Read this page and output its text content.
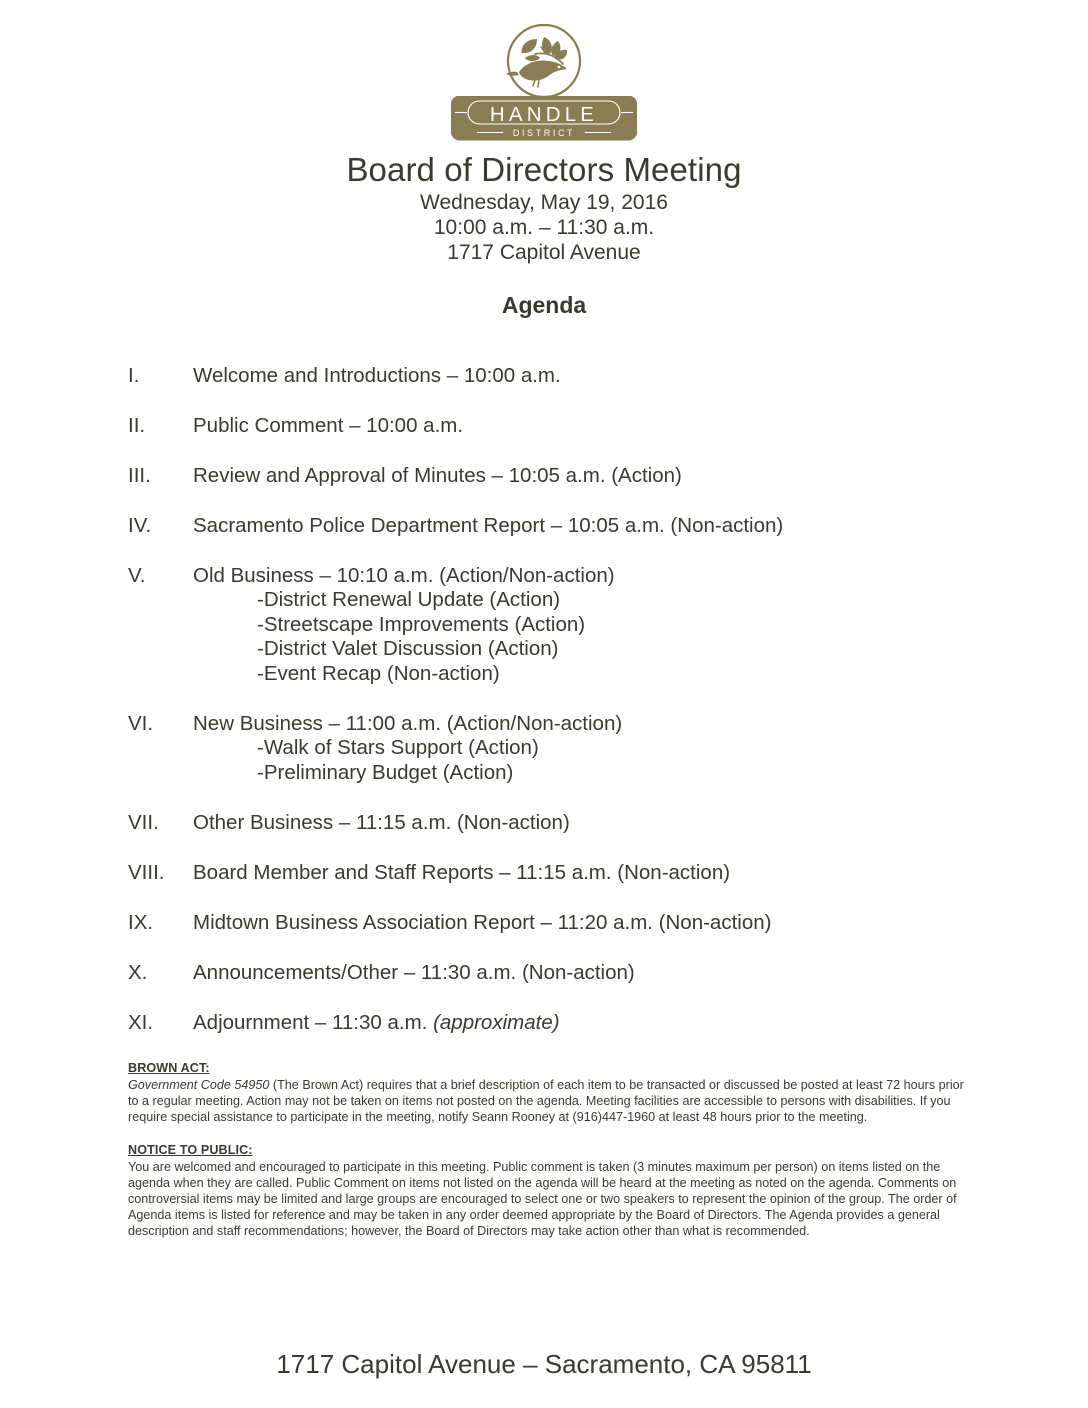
HANDLE
DISTRICT
Board of Directors Meeting
Wednesday, May 19, 2016
10:00 a.m. – 11:30 a.m.
1717 Capitol Avenue
Agenda
I.	Welcome and Introductions – 10:00 a.m.
II.	Public Comment – 10:00 a.m.
III.	Review and Approval of Minutes – 10:05 a.m. (Action)
IV.	Sacramento Police Department Report – 10:05 a.m. (Non-action)
V.	Old Business – 10:10 a.m. (Action/Non-action)
-District Renewal Update (Action)
-Streetscape Improvements (Action)
-District Valet Discussion (Action)
-Event Recap (Non-action)
VI.	New Business – 11:00 a.m. (Action/Non-action)
-Walk of Stars Support (Action)
-Preliminary Budget (Action)
VII.	Other Business – 11:15 a.m. (Non-action)
VIII.	Board Member and Staff Reports – 11:15 a.m. (Non-action)
IX.	Midtown Business Association Report – 11:20 a.m. (Non-action)
X.	Announcements/Other – 11:30 a.m. (Non-action)
XI.	Adjournment – 11:30 a.m. (approximate)
BROWN ACT:
Government Code 54950 (The Brown Act) requires that a brief description of each item to be transacted or discussed be posted at least 72 hours prior to a regular meeting. Action may not be taken on items not posted on the agenda. Meeting facilities are accessible to persons with disabilities. If you require special assistance to participate in the meeting, notify Seann Rooney at (916)447-1960 at least 48 hours prior to the meeting.
NOTICE TO PUBLIC:
You are welcomed and encouraged to participate in this meeting. Public comment is taken (3 minutes maximum per person) on items listed on the agenda when they are called. Public Comment on items not listed on the agenda will be heard at the meeting as noted on the agenda. Comments on controversial items may be limited and large groups are encouraged to select one or two speakers to represent the opinion of the group. The order of Agenda items is listed for reference and may be taken in any order deemed appropriate by the Board of Directors. The Agenda provides a general description and staff recommendations; however, the Board of Directors may take action other than what is recommended.
1717 Capitol Avenue – Sacramento, CA 95811
